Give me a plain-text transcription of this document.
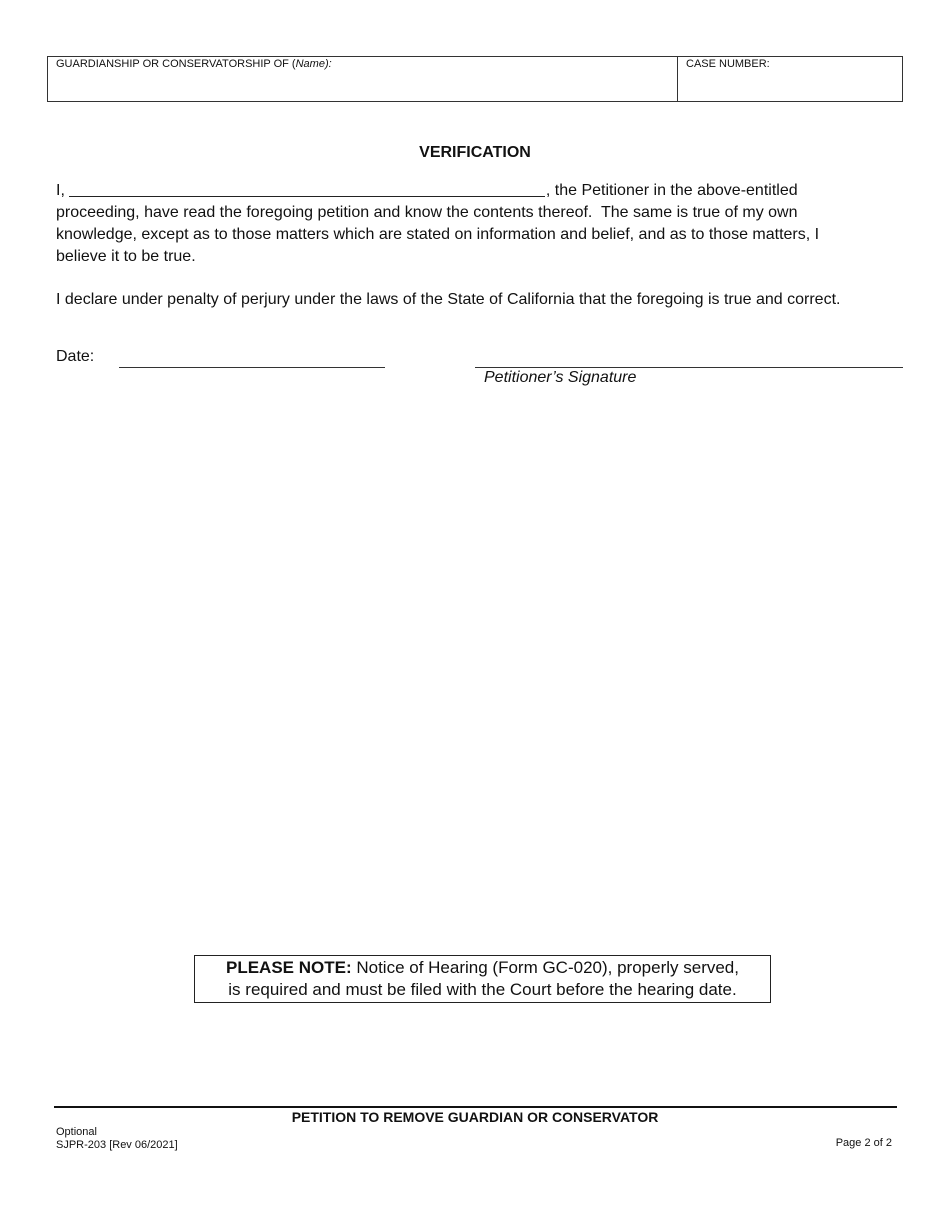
GUARDIANSHIP OR CONSERVATORSHIP OF (Name):	CASE NUMBER:
VERIFICATION
I,	, the Petitioner in the above-entitled
proceeding, have read the foregoing petition and know the contents thereof.  The same is true of my own
knowledge, except as to those matters which are stated on information and belief, and as to those matters, I
believe it to be true.
I declare under penalty of perjury under the laws of the State of California that the foregoing is true and correct.
Date:
Petitioner’s Signature
PLEASE NOTE: Notice of Hearing (Form GC-020), properly served,
is required and must be filed with the Court before the hearing date.
PETITION TO REMOVE GUARDIAN OR CONSERVATOR
Optional
SJPR-203 [Rev 06/2021]	Page 2 of 2
